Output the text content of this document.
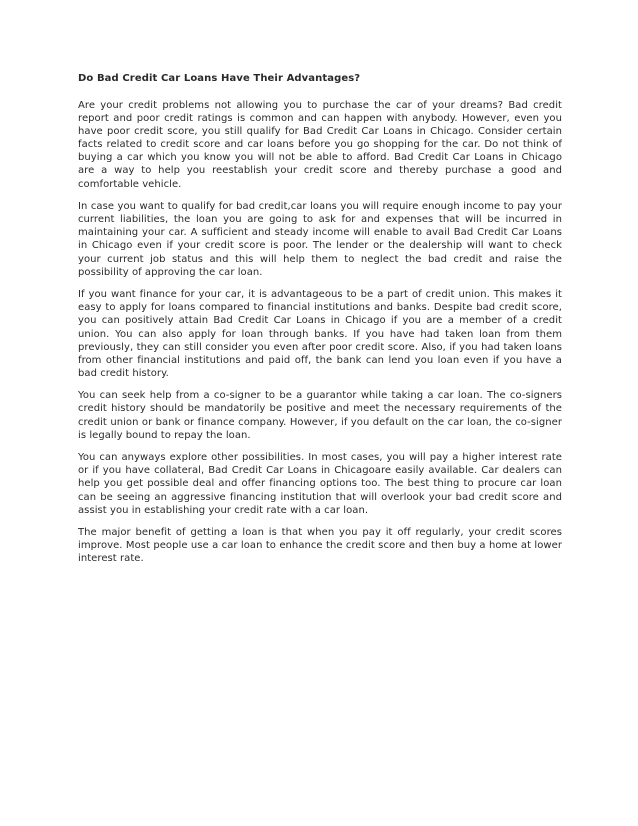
Do Bad Credit Car Loans Have Their Advantages?

Are your credit problems not allowing you to purchase the car of your dreams? Bad credit report and poor credit ratings is common and can happen with anybody. However, even you have poor credit score, you still qualify for Bad Credit Car Loans in Chicago. Consider certain facts related to credit score and car loans before you go shopping for the car. Do not think of buying a car which you know you will not be able to afford. Bad Credit Car Loans in Chicago are a way to help you reestablish your credit score and thereby purchase a good and comfortable vehicle.

In case you want to qualify for bad credit,car loans you will require enough income to pay your current liabilities, the loan you are going to ask for and expenses that will be incurred in maintaining your car. A sufficient and steady income will enable to avail Bad Credit Car Loans in Chicago even if your credit score is poor. The lender or the dealership will want to check your current job status and this will help them to neglect the bad credit and raise the possibility of approving the car loan.

If you want finance for your car, it is advantageous to be a part of credit union. This makes it easy to apply for loans compared to financial institutions and banks. Despite bad credit score, you can positively attain Bad Credit Car Loans in Chicago if you are a member of a credit union. You can also apply for loan through banks. If you have had taken loan from them previously, they can still consider you even after poor credit score. Also, if you had taken loans from other financial institutions and paid off, the bank can lend you loan even if you have a bad credit history.

You can seek help from a co-signer to be a guarantor while taking a car loan. The co-signers credit history should be mandatorily be positive and meet the necessary requirements of the credit union or bank or finance company. However, if you default on the car loan, the co-signer is legally bound to repay the loan.

You can anyways explore other possibilities. In most cases, you will pay a higher interest rate or if you have collateral, Bad Credit Car Loans in Chicagoare easily available. Car dealers can help you get possible deal and offer financing options too. The best thing to procure car loan can be seeing an aggressive financing institution that will overlook your bad credit score and assist you in establishing your credit rate with a car loan.

The major benefit of getting a loan is that when you pay it off regularly, your credit scores improve. Most people use a car loan to enhance the credit score and then buy a home at lower interest rate.
